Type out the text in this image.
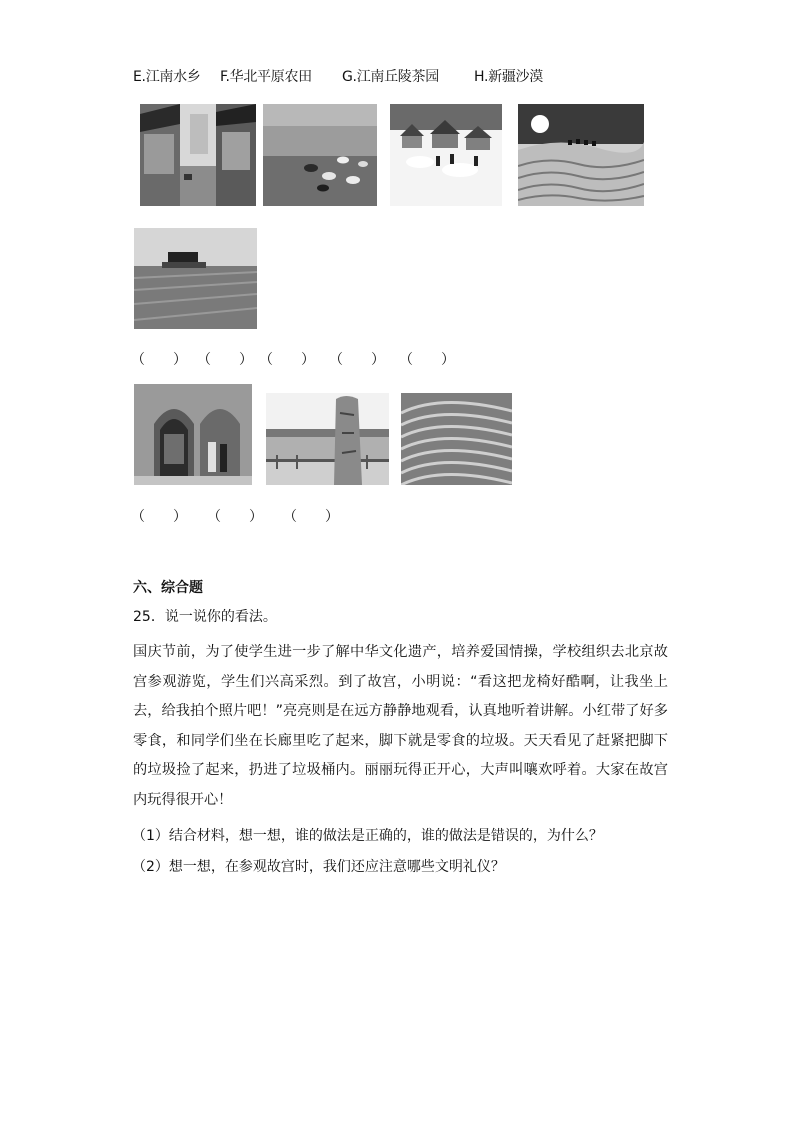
E.江南水乡 F.华北平原农田 G.江南丘陵茶园	H.新疆沙漠
（　　） （　　） （　　） （　　） （　　）
（　　） （　　） （　　）
六、综合题
25．说一说你的看法。

国庆节前，为了使学生进一步了解中华文化遗产，培养爱国情操，学校组织去北京故宫参观游览，学生们兴高采烈。到了故宫，小明说：“看这把龙椅好酷啊，让我坐上去，给我拍个照片吧！”亮亮则是在远方静静地观看，认真地听着讲解。小红带了好多零食，和同学们坐在长廊里吃了起来，脚下就是零食的垃圾。天天看见了赶紧把脚下的垃圾捡了起来，扔进了垃圾桶内。丽丽玩得正开心，大声叫嚷欢呼着。大家在故宫内玩得很开心！

（1）结合材料，想一想，谁的做法是正确的，谁的做法是错误的，为什么？
（2）想一想，在参观故宫时，我们还应注意哪些文明礼仪？
